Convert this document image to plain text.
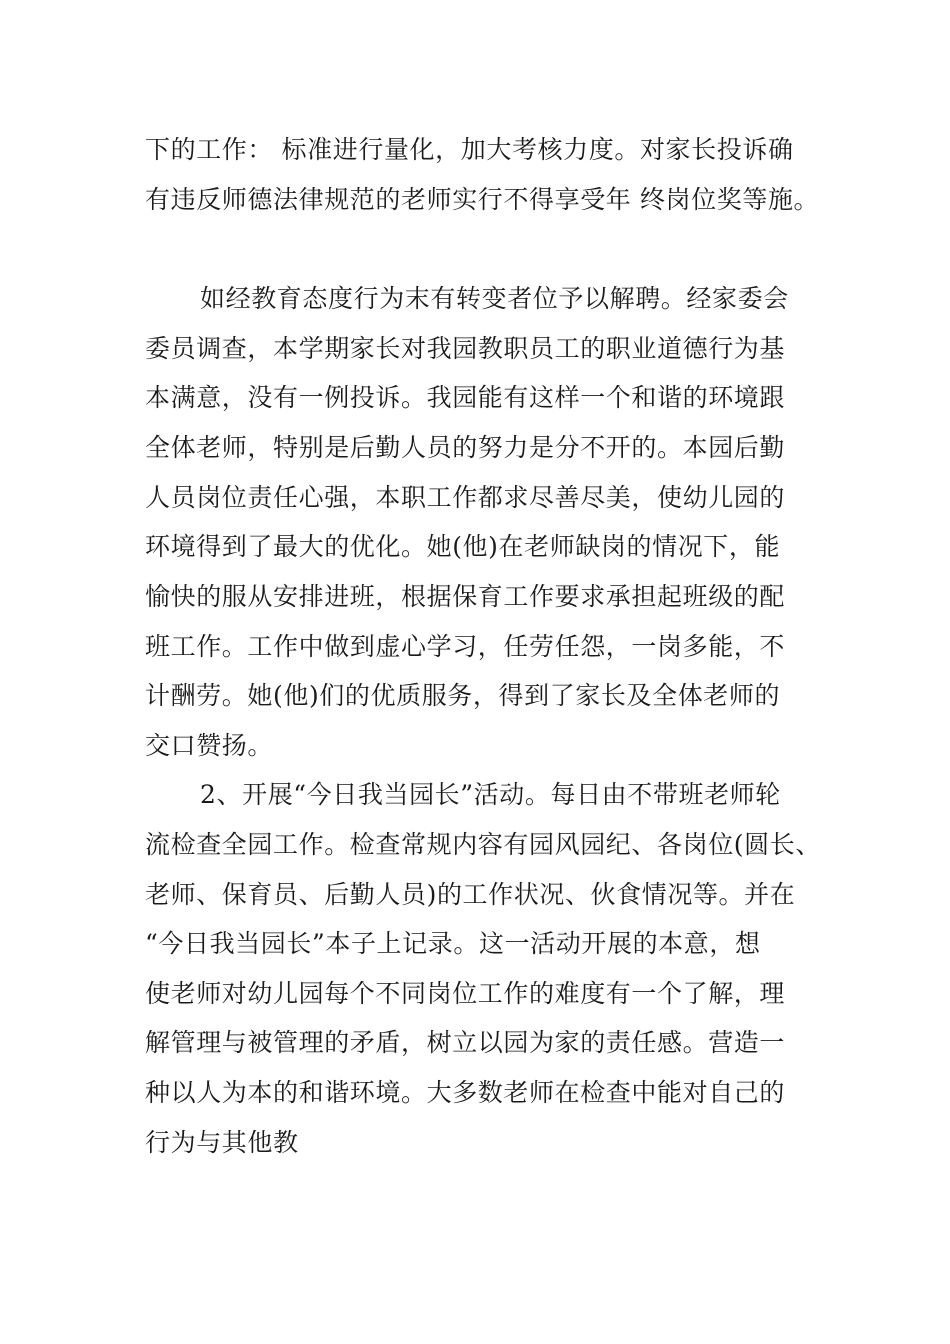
下的工作： 标准进行量化，加大考核力度。对家长投诉确
有违反师德法律规范的老师实行不得享受年 终岗位奖等施。
如经教育态度行为末有转变者位予以解聘。经家委会
委员调查，本学期家长对我园教职员工的职业道德行为基
本满意，没有一例投诉。我园能有这样一个和谐的环境跟
全体老师，特别是后勤人员的努力是分不开的。本园后勤
人员岗位责任心强，本职工作都求尽善尽美，使幼儿园的
环境得到了最大的优化。她(他)在老师缺岗的情况下，能
愉快的服从安排进班，根据保育工作要求承担起班级的配
班工作。工作中做到虚心学习，任劳任怨，一岗多能，不
计酬劳。她(他)们的优质服务，得到了家长及全体老师的
交口赞扬。
2、开展“今日我当园长”活动。每日由不带班老师轮
流检查全园工作。检查常规内容有园风园纪、各岗位(圆长、
老师、保育员、后勤人员)的工作状况、伙食情况等。并在
“今日我当园长”本子上记录。这一活动开展的本意，想
使老师对幼儿园每个不同岗位工作的难度有一个了解，理
解管理与被管理的矛盾，树立以园为家的责任感。营造一
种以人为本的和谐环境。大多数老师在检查中能对自己的
行为与其他教
